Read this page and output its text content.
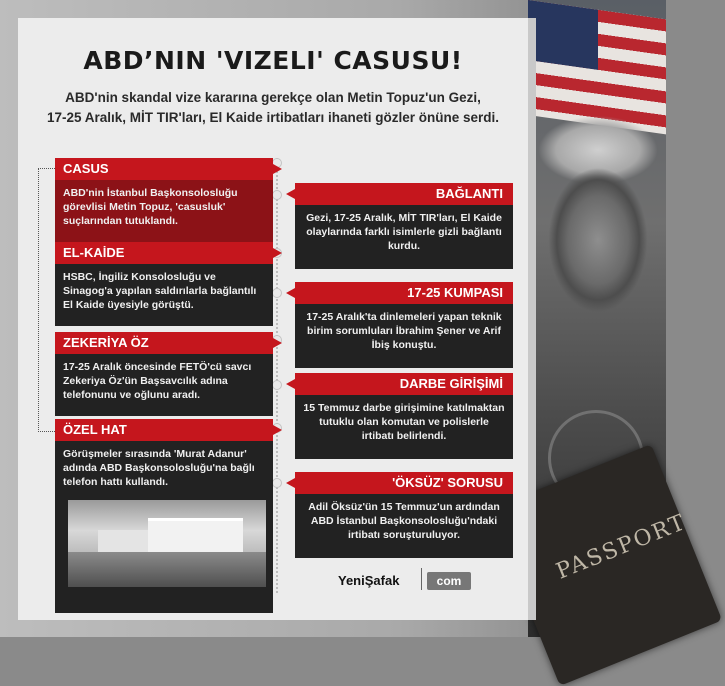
PASSPORT
ABD’NIN 'VIZELI' CASUSU!
ABD'nin skandal vize kararına gerekçe olan Metin Topuz'un Gezi,
17-25 Aralık, MİT TIR'ları, El Kaide irtibatları ihaneti gözler önüne serdi.
CASUS
ABD'nin İstanbul Başkonsolosluğu görevlisi Metin Topuz, 'casusluk' suçlarından tutuklandı.
EL-KAİDE
HSBC, İngiliz Konsolosluğu ve Sinagog'a yapılan saldırılarla bağlantılı El Kaide üyesiyle görüştü.
ZEKERİYA ÖZ
17-25 Aralık öncesinde FETÖ'cü savcı Zekeriya Öz'ün Başsavcılık adına telefonunu ve oğlunu aradı.
ÖZEL HAT
Görüşmeler sırasında 'Murat Adanur' adında ABD Başkonsolosluğu'na bağlı telefon hattı kullandı.
BAĞLANTI
Gezi, 17-25 Aralık, MİT TIR'ları, El Kaide olaylarında farklı isimlerle gizli bağlantı kurdu.
17-25 KUMPASI
17-25 Aralık'ta dinlemeleri yapan teknik birim sorumluları İbrahim Şener ve Arif İbiş konuştu.
DARBE GİRİŞİMİ
15 Temmuz darbe girişimine katılmaktan tutuklu olan komutan ve polislerle irtibatı belirlendi.
'ÖKSÜZ' SORUSU
Adil Öksüz'ün 15 Temmuz'un ardından ABD İstanbul Başkonsolosluğu'ndaki irtibatı soruşturuluyor.
YeniŞafak	com
